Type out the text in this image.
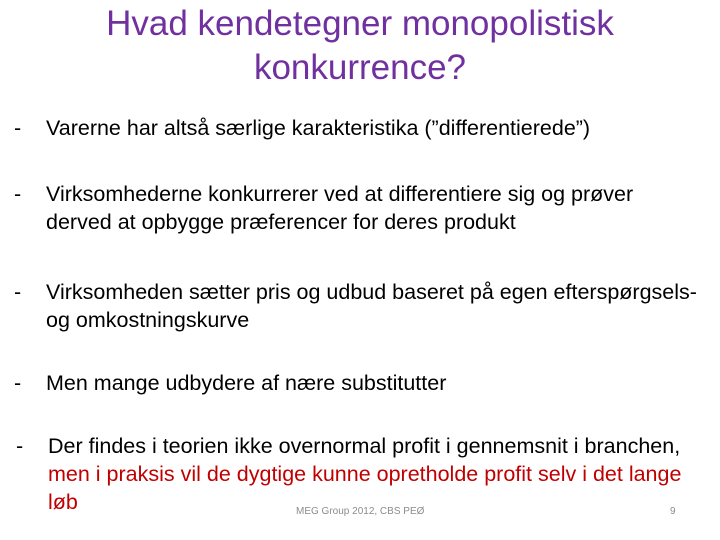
Hvad kendetegner monopolistisk
konkurrence?
-	Varerne har altså særlige karakteristika (”differentierede”)
-	Virksomhederne konkurrerer ved at differentiere sig og prøver derved at opbygge præferencer for deres produkt
-	Virksomheden sætter pris og udbud baseret på egen efterspørgsels- og omkostningskurve
-	Men mange udbydere af nære substitutter
-	Der findes i teorien ikke overnormal profit i gennemsnit i branchen, men i praksis vil de dygtige kunne opretholde profit selv i det lange løb	MEG Group 2012, CBS PEØ	9
